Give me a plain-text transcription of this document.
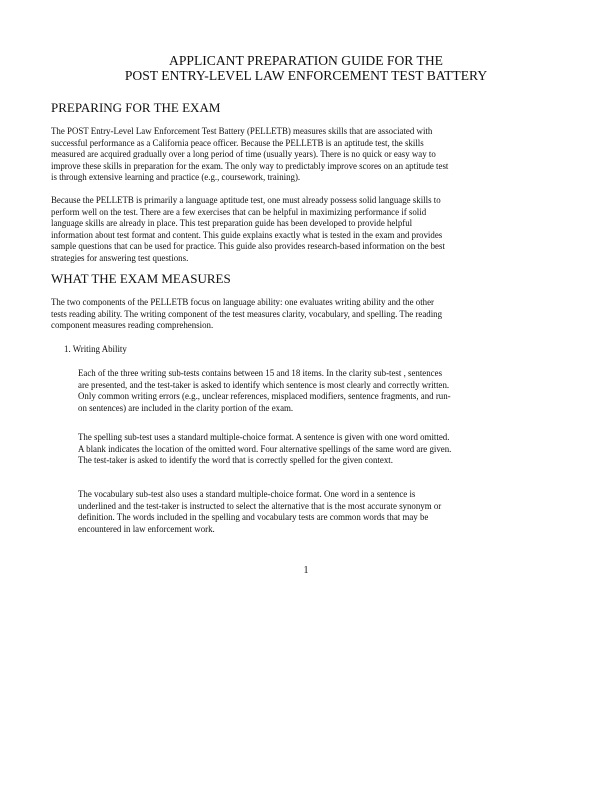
APPLICANT PREPARATION GUIDE FOR THE
POST ENTRY-LEVEL LAW ENFORCEMENT TEST BATTERY
PREPARING FOR THE EXAM

The POST Entry-Level Law Enforcement Test Battery (PELLETB) measures skills that are associated with successful performance as a California peace officer. Because the PELLETB is an aptitude test, the skills measured are acquired gradually over a long period of time (usually years). There is no quick or easy way to improve these skills in preparation for the exam. The only way to predictably improve scores on an aptitude test is through extensive learning and practice (e.g., coursework, training).

Because the PELLETB is primarily a language aptitude test, one must already possess solid language skills to perform well on the test. There are a few exercises that can be helpful in maximizing performance if solid language skills are already in place. This test preparation guide has been developed to provide helpful information about test format and content. This guide explains exactly what is tested in the exam and provides sample questions that can be used for practice. This guide also provides research-based information on the best strategies for answering test questions.

WHAT THE EXAM MEASURES

The two components of the PELLETB focus on language ability: one evaluates writing ability and the other tests reading ability. The writing component of the test measures clarity, vocabulary, and spelling. The reading component measures reading comprehension.

1. Writing Ability

Each of the three writing sub-tests contains between 15 and 18 items. In the clarity sub-test , sentences are presented, and the test-taker is asked to identify which sentence is most clearly and correctly written. Only common writing errors (e.g., unclear references, misplaced modifiers, sentence fragments, and run-on sentences) are included in the clarity portion of the exam.

The spelling sub-test uses a standard multiple-choice format. A sentence is given with one word omitted. A blank indicates the location of the omitted word. Four alternative spellings of the same word are given. The test-taker is asked to identify the word that is correctly spelled for the given context.

The vocabulary sub-test also uses a standard multiple-choice format. One word in a sentence is underlined and the test-taker is instructed to select the alternative that is the most accurate synonym or definition. The words included in the spelling and vocabulary tests are common words that may be encountered in law enforcement work.

1
